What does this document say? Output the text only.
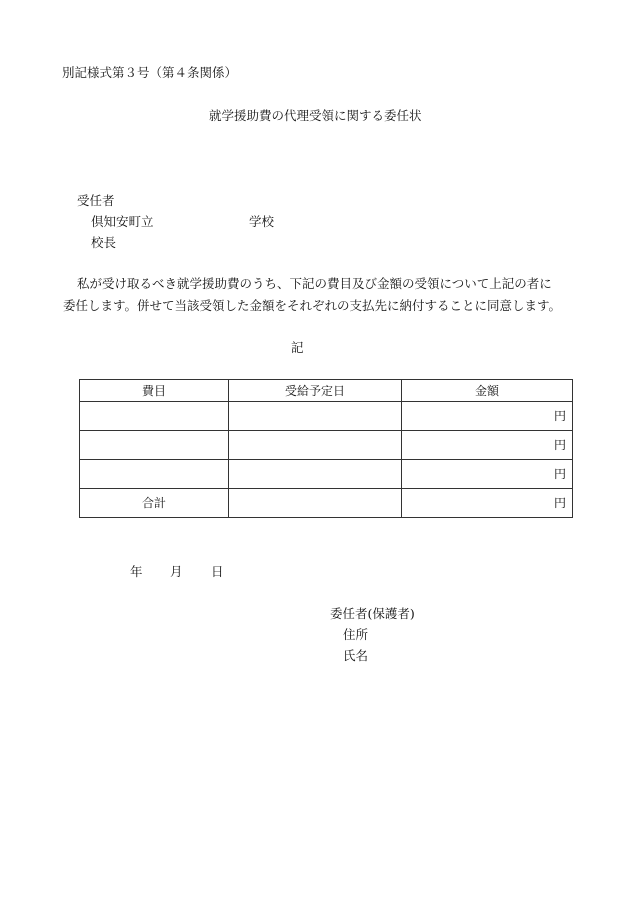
別記様式第３号（第４条関係）
就学援助費の代理受領に関する委任状
受任者
倶知安町立	学校
校長
私が受け取るべき就学援助費のうち、下記の費目及び金額の受領について上記の者に
委任します。併せて当該受領した金額をそれぞれの支払先に納付することに同意します。
記
費目	受給予定日	金額
		円
		円
		円
合計		円
年 月 日
委任者(保護者)
住所
氏名
